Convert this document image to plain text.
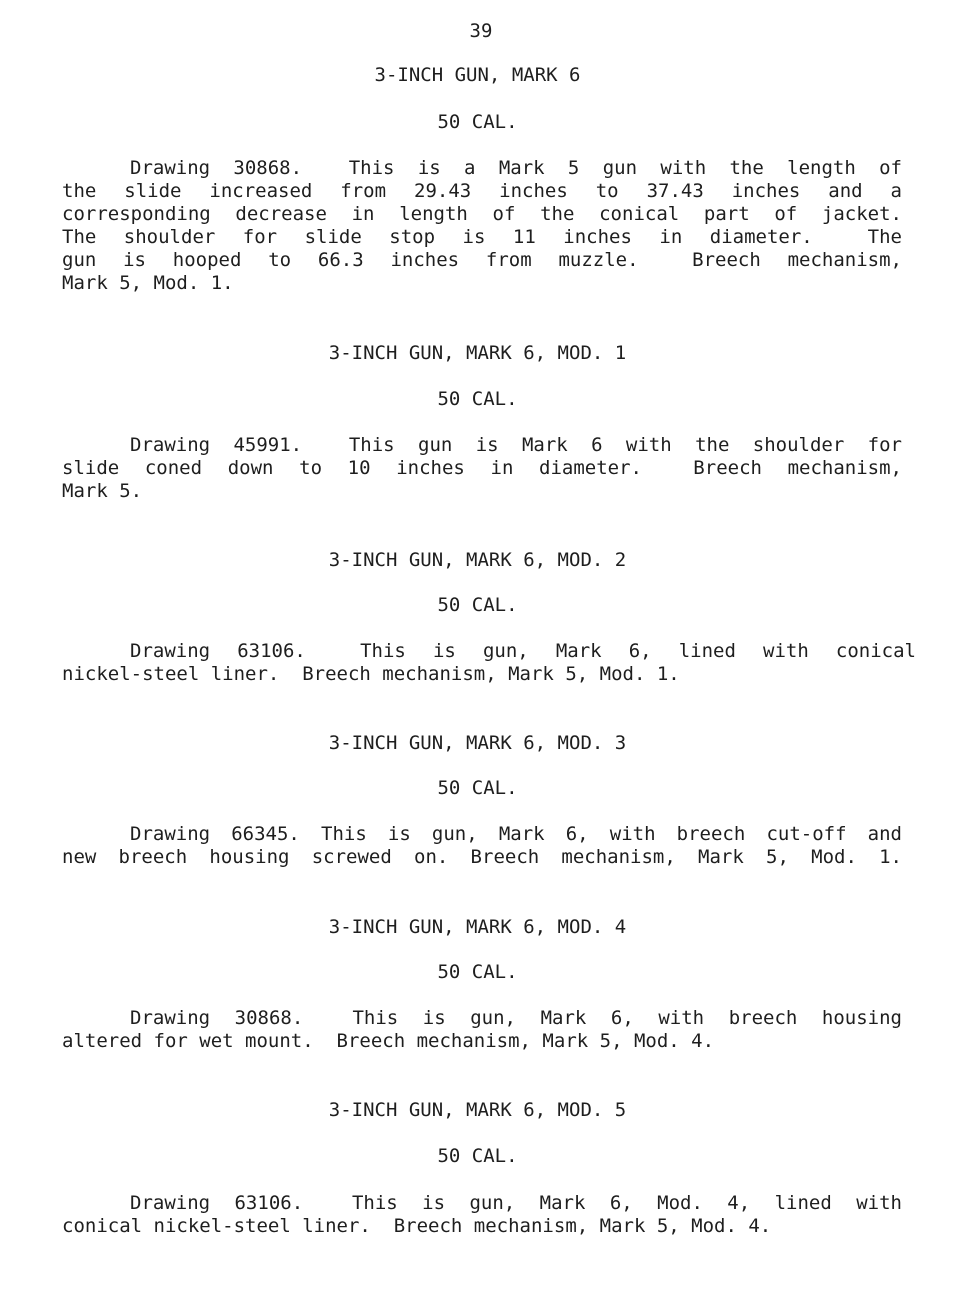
39
3-INCH GUN, MARK 6
50 CAL.
Drawing 30868.  This is a Mark 5 gun with the length of
the slide increased from 29.43 inches to 37.43 inches and a
corresponding decrease in length of the conical part of jacket.
The shoulder for slide stop is 11 inches in diameter.  The
gun is hooped to 66.3 inches from muzzle.  Breech mechanism,
Mark 5, Mod. 1.
3-INCH GUN, MARK 6, MOD. 1
50 CAL.
Drawing 45991.  This gun is Mark 6 with the shoulder for
slide coned down to 10 inches in diameter.  Breech mechanism,
Mark 5.
3-INCH GUN, MARK 6, MOD. 2
50 CAL.
Drawing 63106.  This is gun, Mark 6, lined with conical
nickel-steel liner.  Breech mechanism, Mark 5, Mod. 1.
3-INCH GUN, MARK 6, MOD. 3
50 CAL.
Drawing 66345. This is gun, Mark 6, with breech cut-off and
new breech housing screwed on. Breech mechanism, Mark 5, Mod. 1.
3-INCH GUN, MARK 6, MOD. 4
50 CAL.
Drawing 30868.  This is gun, Mark 6, with breech housing
altered for wet mount.  Breech mechanism, Mark 5, Mod. 4.
3-INCH GUN, MARK 6, MOD. 5
50 CAL.
Drawing 63106.  This is gun, Mark 6, Mod. 4, lined with
conical nickel-steel liner.  Breech mechanism, Mark 5, Mod. 4.
